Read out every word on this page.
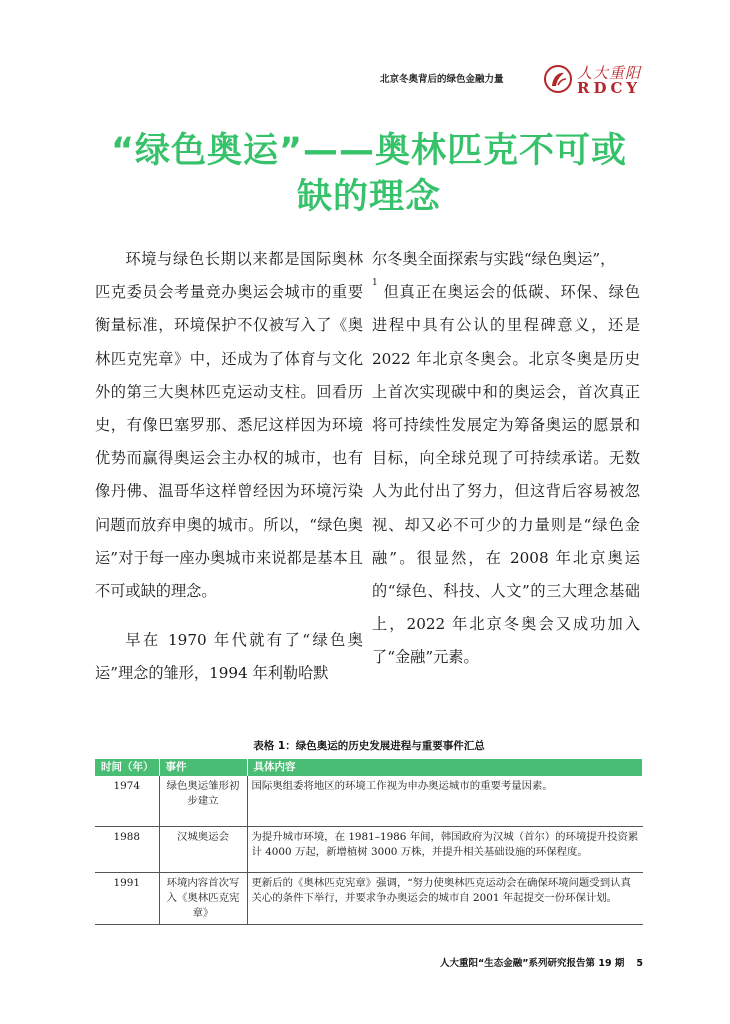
北京冬奥背后的绿色金融力量	人大重阳
RDCY
“绿色奥运”——奥林匹克不可或
缺的理念

环境与绿色长期以来都是国际奥林匹克委员会考量竞办奥运会城市的重要衡量标准，环境保护不仅被写入了《奥林匹克宪章》中，还成为了体育与文化外的第三大奥林匹克运动支柱。回看历史，有像巴塞罗那、悉尼这样因为环境优势而赢得奥运会主办权的城市，也有像丹佛、温哥华这样曾经因为环境污染问题而放弃申奥的城市。所以，“绿色奥运”对于每一座办奥城市来说都是基本且不可或缺的理念。

早在 1970 年代就有了“绿色奥运”理念的雏形，1994 年利勒哈默

尔冬奥全面探索与实践“绿色奥运”，
$^1$ 但真正在奥运会的低碳、环保、绿色进程中具有公认的里程碑意义，还是 2022 年北京冬奥会。北京冬奥是历史上首次实现碳中和的奥运会，首次真正将可持续性发展定为筹备奥运的愿景和目标，向全球兑现了可持续承诺。无数人为此付出了努力，但这背后容易被忽视、却又必不可少的力量则是“绿色金融”。很显然，在 2008 年北京奥运的“绿色、科技、人文”的三大理念基础上，2022 年北京冬奥会又成功加入了“金融”元素。

表格 1：绿色奥运的历史发展进程与重要事件汇总
时间（年）	事件	具体内容
1974	绿色奥运雏形初步建立	国际奥组委将地区的环境工作视为申办奥运城市的重要考量因素。
1988	汉城奥运会	为提升城市环境，在 1981–1986 年间，韩国政府为汉城（首尔）的环境提升投资累计 4000 万起，新增植树 3000 万株，并提升相关基础设施的环保程度。
1991	环境内容首次写入《奥林匹克宪章》	更新后的《奥林匹克宪章》强调，“努力使奥林匹克运动会在确保环境问题受到认真关心的条件下举行，并要求争办奥运会的城市自 2001 年起提交一份环保计划。
人大重阳“生态金融”系列研究报告第 19 期 5
